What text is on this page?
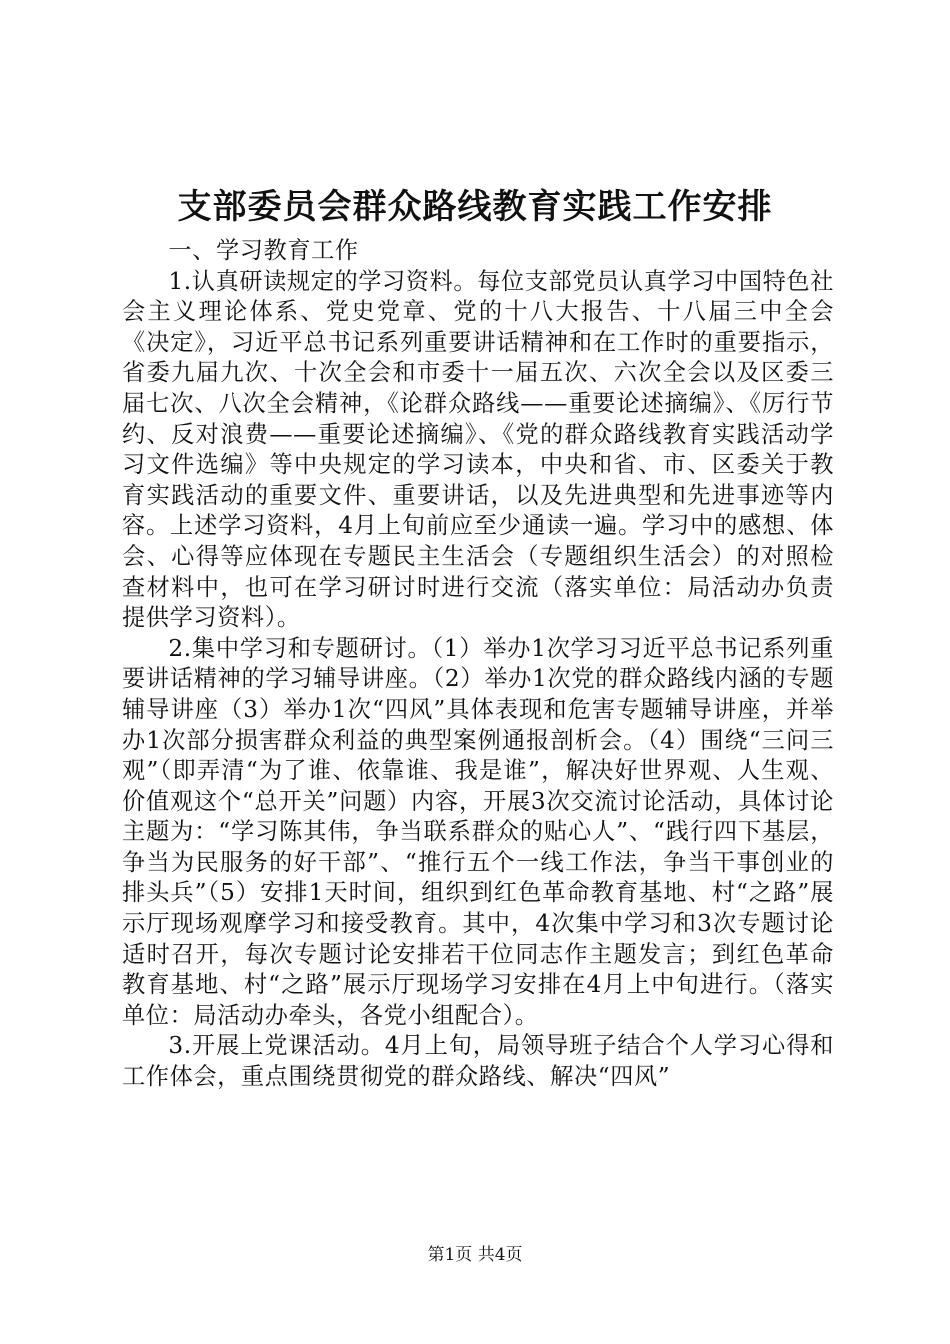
支部委员会群众路线教育实践工作安排

一、学习教育工作

1.认真研读规定的学习资料。每位支部党员认真学习中国特色社会主义理论体系、党史党章、党的十八大报告、十八届三中全会《决定》，习近平总书记系列重要讲话精神和在工作时的重要指示，省委九届九次、十次全会和市委十一届五次、六次全会以及区委三届七次、八次全会精神，《论群众路线——重要论述摘编》、《厉行节约、反对浪费——重要论述摘编》、《党的群众路线教育实践活动学习文件选编》等中央规定的学习读本，中央和省、市、区委关于教育实践活动的重要文件、重要讲话，以及先进典型和先进事迹等内容。上述学习资料，4月上旬前应至少通读一遍。学习中的感想、体会、心得等应体现在专题民主生活会（专题组织生活会）的对照检查材料中，也可在学习研讨时进行交流（落实单位：局活动办负责提供学习资料）。

2.集中学习和专题研讨。（1）举办1次学习习近平总书记系列重要讲话精神的学习辅导讲座。（2）举办1次党的群众路线内涵的专题辅导讲座（3）举办1次“四风”具体表现和危害专题辅导讲座，并举办1次部分损害群众利益的典型案例通报剖析会。（4）围绕“三问三观”（即弄清“为了谁、依靠谁、我是谁”，解决好世界观、人生观、价值观这个“总开关”问题）内容，开展3次交流讨论活动，具体讨论主题为：“学习陈其伟，争当联系群众的贴心人”、“践行四下基层，争当为民服务的好干部”、“推行五个一线工作法，争当干事创业的排头兵”（5）安排1天时间，组织到红色革命教育基地、村“之路”展示厅现场观摩学习和接受教育。其中，4次集中学习和3次专题讨论适时召开，每次专题讨论安排若干位同志作主题发言；到红色革命教育基地、村“之路”展示厅现场学习安排在4月上中旬进行。（落实单位：局活动办牵头，各党小组配合）。

3.开展上党课活动。4月上旬，局领导班子结合个人学习心得和工作体会，重点围绕贯彻党的群众路线、解决“四风”

第1页 共4页
